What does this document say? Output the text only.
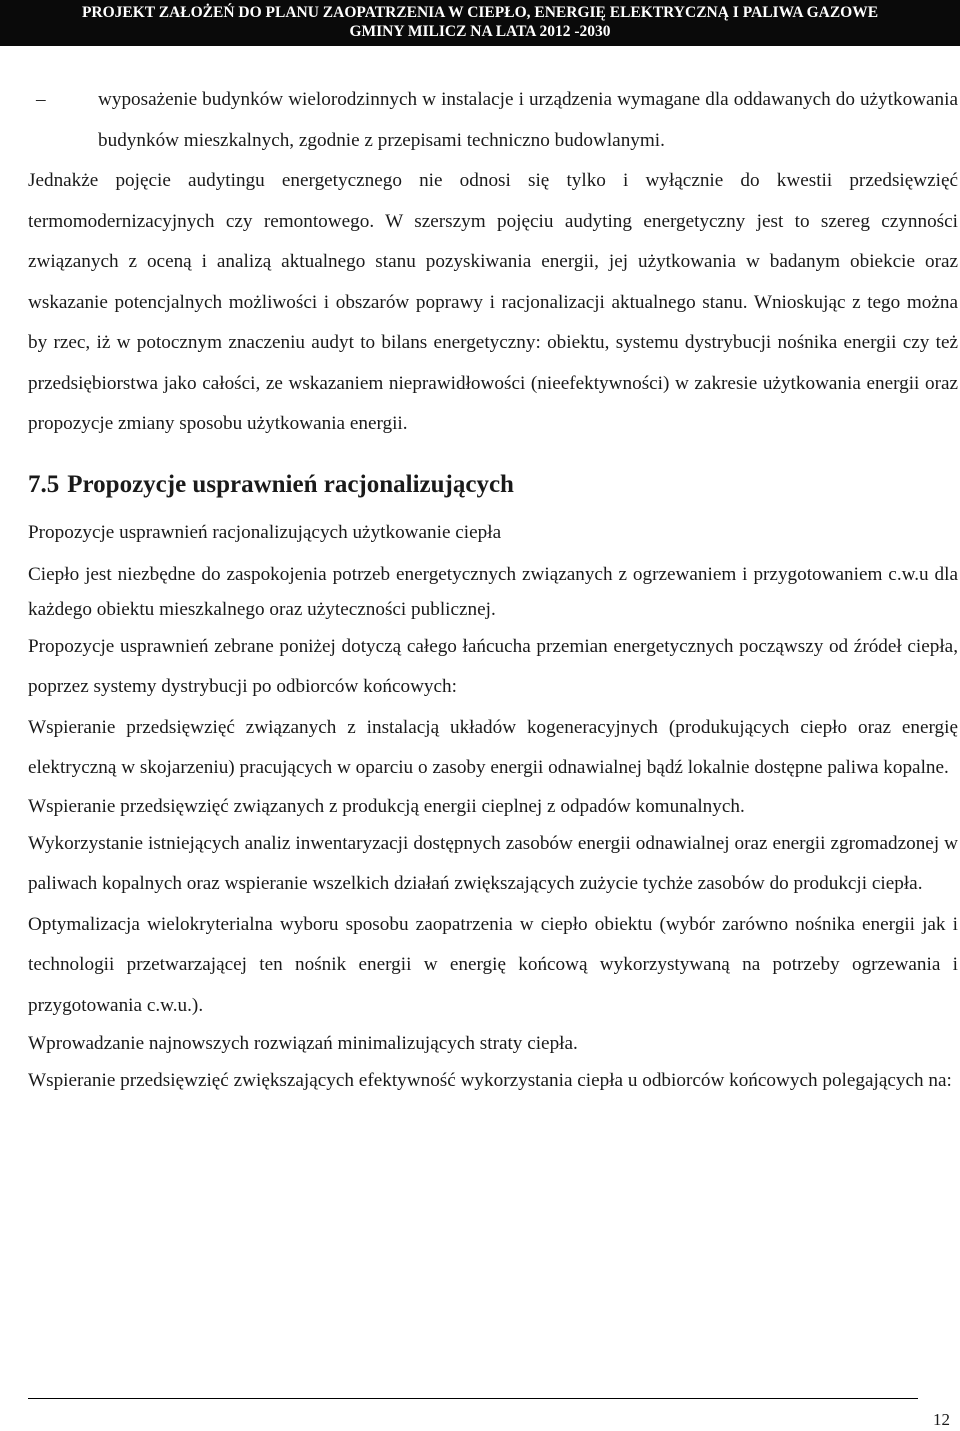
PROJEKT ZAŁOŻEŃ DO PLANU ZAOPATRZENIA W CIEPŁO, ENERGIĘ ELEKTRYCZNĄ I PALIWA GAZOWE
GMINY MILICZ NA LATA 2012 -2030

–	wyposażenie budynków wielorodzinnych w instalacje i urządzenia wymagane dla oddawanych do użytkowania budynków mieszkalnych, zgodnie z przepisami techniczno budowlanymi.

Jednakże pojęcie audytingu energetycznego nie odnosi się tylko i wyłącznie do kwestii przedsięwzięć termomodernizacyjnych czy remontowego. W szerszym pojęciu audyting energetyczny jest to szereg czynności związanych z oceną i analizą aktualnego stanu pozyskiwania energii, jej użytkowania w badanym obiekcie oraz wskazanie potencjalnych możliwości i obszarów poprawy i racjonalizacji aktualnego stanu. Wnioskując z tego można by rzec, iż w potocznym znaczeniu audyt to bilans energetyczny: obiektu, systemu dystrybucji nośnika energii czy też przedsiębiorstwa jako całości, ze wskazaniem nieprawidłowości (nieefektywności) w zakresie użytkowania energii oraz propozycje zmiany sposobu użytkowania energii.

7.5 Propozycje usprawnień racjonalizujących

Propozycje usprawnień racjonalizujących użytkowanie ciepła

Ciepło jest niezbędne do zaspokojenia potrzeb energetycznych związanych z ogrzewaniem i przygotowaniem c.w.u dla każdego obiektu mieszkalnego oraz użyteczności publicznej.

Propozycje usprawnień zebrane poniżej dotyczą całego łańcucha przemian energetycznych począwszy od źródeł ciepła, poprzez systemy dystrybucji po odbiorców końcowych:

Wspieranie przedsięwzięć związanych z instalacją układów kogeneracyjnych (produkujących ciepło oraz energię elektryczną w skojarzeniu) pracujących w oparciu o zasoby energii odnawialnej bądź lokalnie dostępne paliwa kopalne.

Wspieranie przedsięwzięć związanych z produkcją energii cieplnej z odpadów komunalnych.

Wykorzystanie istniejących analiz inwentaryzacji dostępnych zasobów energii odnawialnej oraz energii zgromadzonej w paliwach kopalnych oraz wspieranie wszelkich działań zwiększających zużycie tychże zasobów do produkcji ciepła.

Optymalizacja wielokryterialna wyboru sposobu zaopatrzenia w ciepło obiektu (wybór zarówno nośnika energii jak i technologii przetwarzającej ten nośnik energii w energię końcową wykorzystywaną na potrzeby ogrzewania i przygotowania c.w.u.).

Wprowadzanie najnowszych rozwiązań minimalizujących straty ciepła.

Wspieranie przedsięwzięć zwiększających efektywność wykorzystania ciepła u odbiorców końcowych polegających na:

12
